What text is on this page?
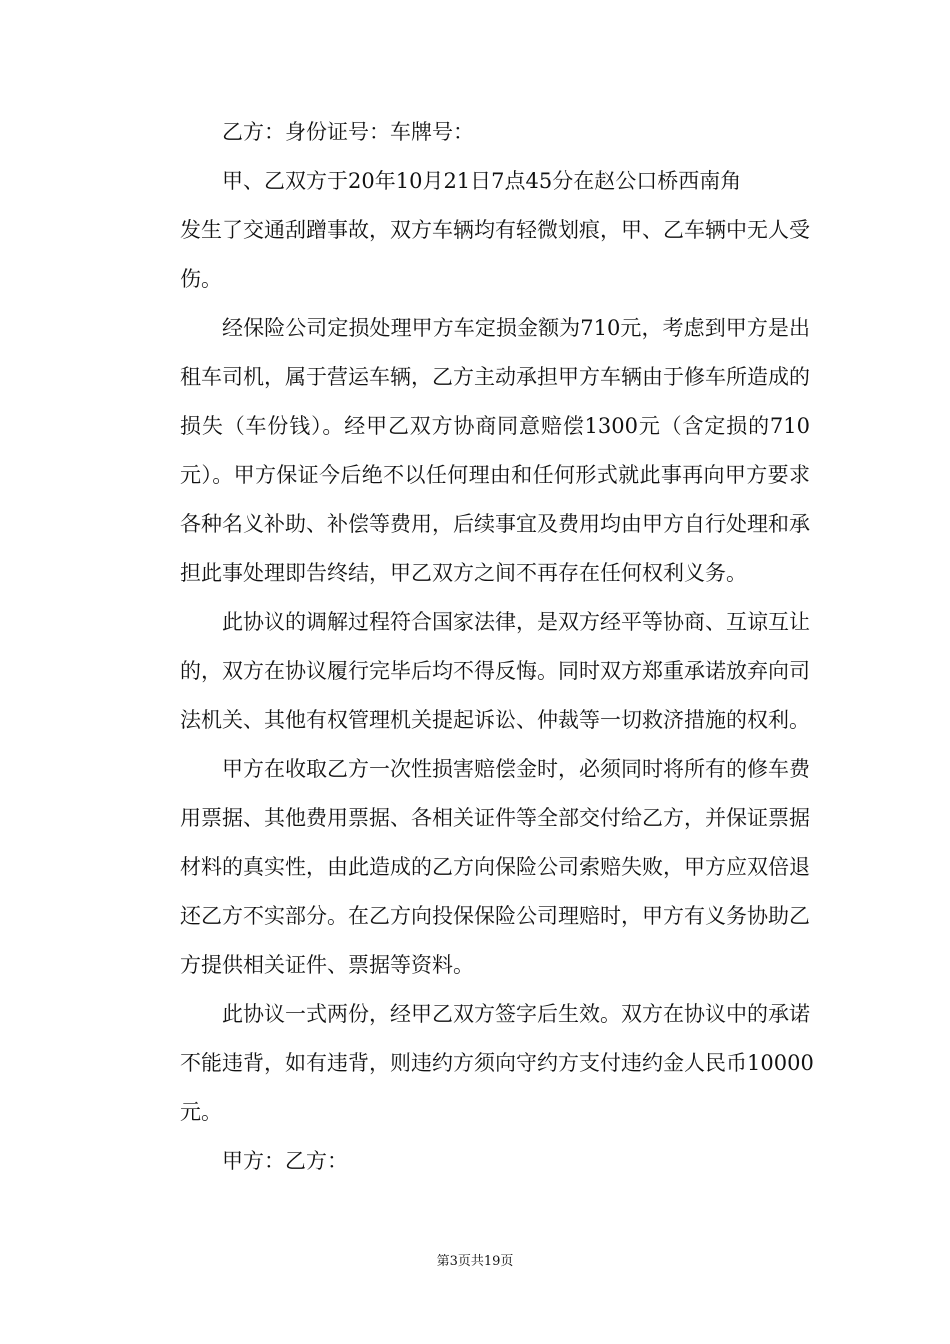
乙方：身份证号：车牌号：
甲、乙双方于20年10月21日7点45分在赵公口桥西南角
发生了交通刮蹭事故，双方车辆均有轻微划痕，甲、乙车辆中无人受
伤。
经保险公司定损处理甲方车定损金额为710元，考虑到甲方是出
租车司机，属于营运车辆，乙方主动承担甲方车辆由于修车所造成的
损失（车份钱）。经甲乙双方协商同意赔偿1300元（含定损的710
元）。甲方保证今后绝不以任何理由和任何形式就此事再向甲方要求
各种名义补助、补偿等费用，后续事宜及费用均由甲方自行处理和承
担此事处理即告终结，甲乙双方之间不再存在任何权利义务。
此协议的调解过程符合国家法律，是双方经平等协商、互谅互让
的，双方在协议履行完毕后均不得反悔。同时双方郑重承诺放弃向司
法机关、其他有权管理机关提起诉讼、仲裁等一切救济措施的权利。
甲方在收取乙方一次性损害赔偿金时，必须同时将所有的修车费
用票据、其他费用票据、各相关证件等全部交付给乙方，并保证票据
材料的真实性，由此造成的乙方向保险公司索赔失败，甲方应双倍退
还乙方不实部分。在乙方向投保保险公司理赔时，甲方有义务协助乙
方提供相关证件、票据等资料。
此协议一式两份，经甲乙双方签字后生效。双方在协议中的承诺
不能违背，如有违背，则违约方须向守约方支付违约金人民币10000
元。
甲方：乙方：
第3页共19页
